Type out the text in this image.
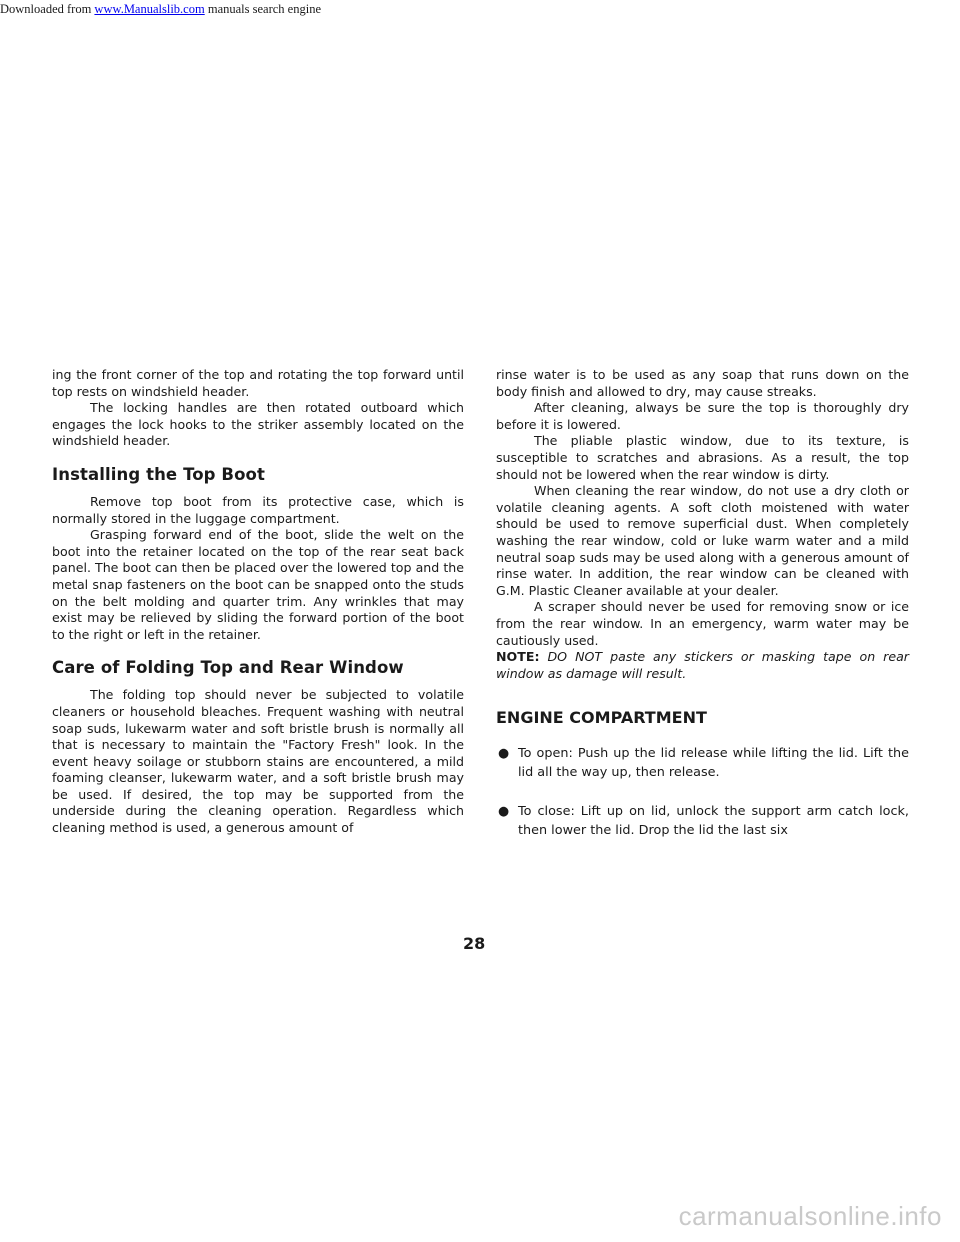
Downloaded from www.Manualslib.com manuals search engine

ing the front corner of the top and rotating the top forward until top rests on windshield header.

The locking handles are then rotated outboard which engages the lock hooks to the striker assembly located on the windshield header.

Installing the Top Boot

Remove top boot from its protective case, which is normally stored in the luggage compartment.

Grasping forward end of the boot, slide the welt on the boot into the retainer located on the top of the rear seat back panel. The boot can then be placed over the lowered top and the metal snap fasteners on the boot can be snapped onto the studs on the belt molding and quarter trim. Any wrinkles that may exist may be relieved by sliding the forward portion of the boot to the right or left in the retainer.

Care of Folding Top and Rear Window

The folding top should never be subjected to volatile cleaners or household bleaches. Frequent washing with neutral soap suds, lukewarm water and soft bristle brush is normally all that is necessary to maintain the "Factory Fresh" look. In the event heavy soilage or stubborn stains are encountered, a mild foaming cleanser, lukewarm water, and a soft bristle brush may be used. If desired, the top may be supported from the underside during the cleaning operation. Regardless which cleaning method is used, a generous amount of

rinse water is to be used as any soap that runs down on the body finish and allowed to dry, may cause streaks.

After cleaning, always be sure the top is thoroughly dry before it is lowered.

The pliable plastic window, due to its texture, is susceptible to scratches and abrasions. As a result, the top should not be lowered when the rear window is dirty.

When cleaning the rear window, do not use a dry cloth or volatile cleaning agents. A soft cloth moistened with water should be used to remove superficial dust. When completely washing the rear window, cold or luke warm water and a mild neutral soap suds may be used along with a generous amount of rinse water. In addition, the rear window can be cleaned with G.M. Plastic Cleaner available at your dealer.

A scraper should never be used for removing snow or ice from the rear window. In an emergency, warm water may be cautiously used.

NOTE: DO NOT paste any stickers or masking tape on rear window as damage will result.

ENGINE COMPARTMENT
● To open: Push up the lid release while lifting the lid. Lift the lid all the way up, then release.
● To close: Lift up on lid, unlock the support arm catch lock, then lower the lid. Drop the lid the last six
28
carmanualsonline.info
